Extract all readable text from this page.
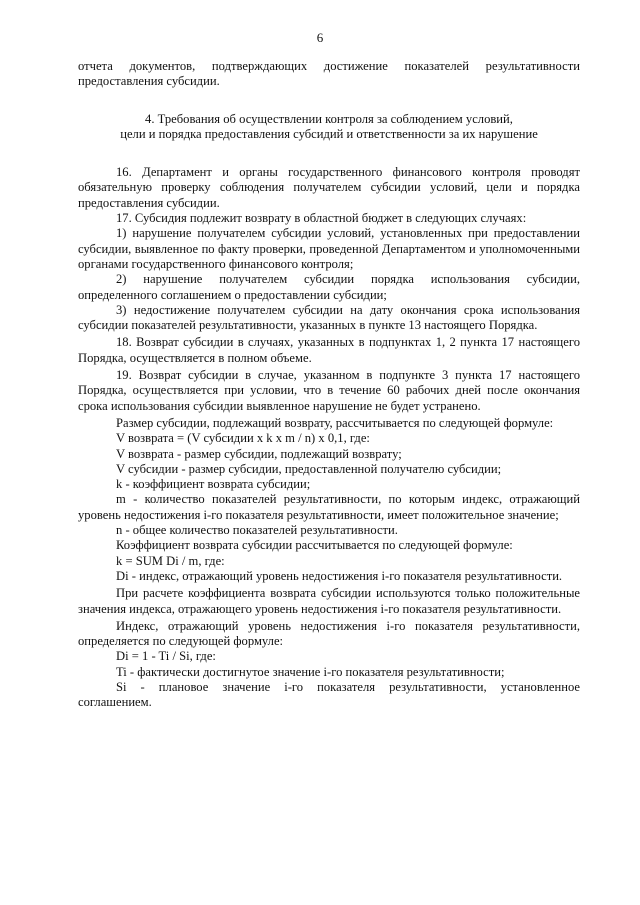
6

отчета документов, подтверждающих достижение показателей результативности предоставления субсидии.

4. Требования об осуществлении контроля за соблюдением условий,

цели и порядка предоставления субсидий и ответственности за их нарушение

16. Департамент и органы государственного финансового контроля проводят обязательную проверку соблюдения получателем субсидии условий, цели и порядка предоставления субсидии.

17. Субсидия подлежит возврату в областной бюджет в следующих случаях:

1) нарушение получателем субсидии условий, установленных при предоставлении субсидии, выявленное по факту проверки, проведенной Департаментом и уполномоченными органами государственного финансового контроля;

2) нарушение получателем субсидии порядка использования субсидии, определенного соглашением о предоставлении субсидии;

3) недостижение получателем субсидии на дату окончания срока использования субсидии показателей результативности, указанных в пункте 13 настоящего Порядка.

18. Возврат субсидии в случаях, указанных в подпунктах 1, 2 пункта 17 настоящего Порядка, осуществляется в полном объеме.

19. Возврат субсидии в случае, указанном в подпункте 3 пункта 17 настоящего Порядка, осуществляется при условии, что в течение 60 рабочих дней после окончания срока использования субсидии выявленное нарушение не будет устранено.

Размер субсидии, подлежащий возврату, рассчитывается по следующей формуле:

V возврата = (V субсидии x k x m / n) x 0,1, где:

V возврата - размер субсидии, подлежащий возврату;

V субсидии - размер субсидии, предоставленной получателю субсидии;

k - коэффициент возврата субсидии;

m - количество показателей результативности, по которым индекс, отражающий уровень недостижения i-го показателя результативности, имеет положительное значение;

n - общее количество показателей результативности.

Коэффициент возврата субсидии рассчитывается по следующей формуле:

k = SUM Di / m, где:

Di - индекс, отражающий уровень недостижения i-го показателя результативности.

При расчете коэффициента возврата субсидии используются только положительные значения индекса, отражающего уровень недостижения i-го показателя результативности.

Индекс, отражающий уровень недостижения i-го показателя результативности, определяется по следующей формуле:

Di = 1 - Ti / Si, где:

Ti - фактически достигнутое значение i-го показателя результативности;

Si - плановое значение i-го показателя результативности, установленное соглашением.
